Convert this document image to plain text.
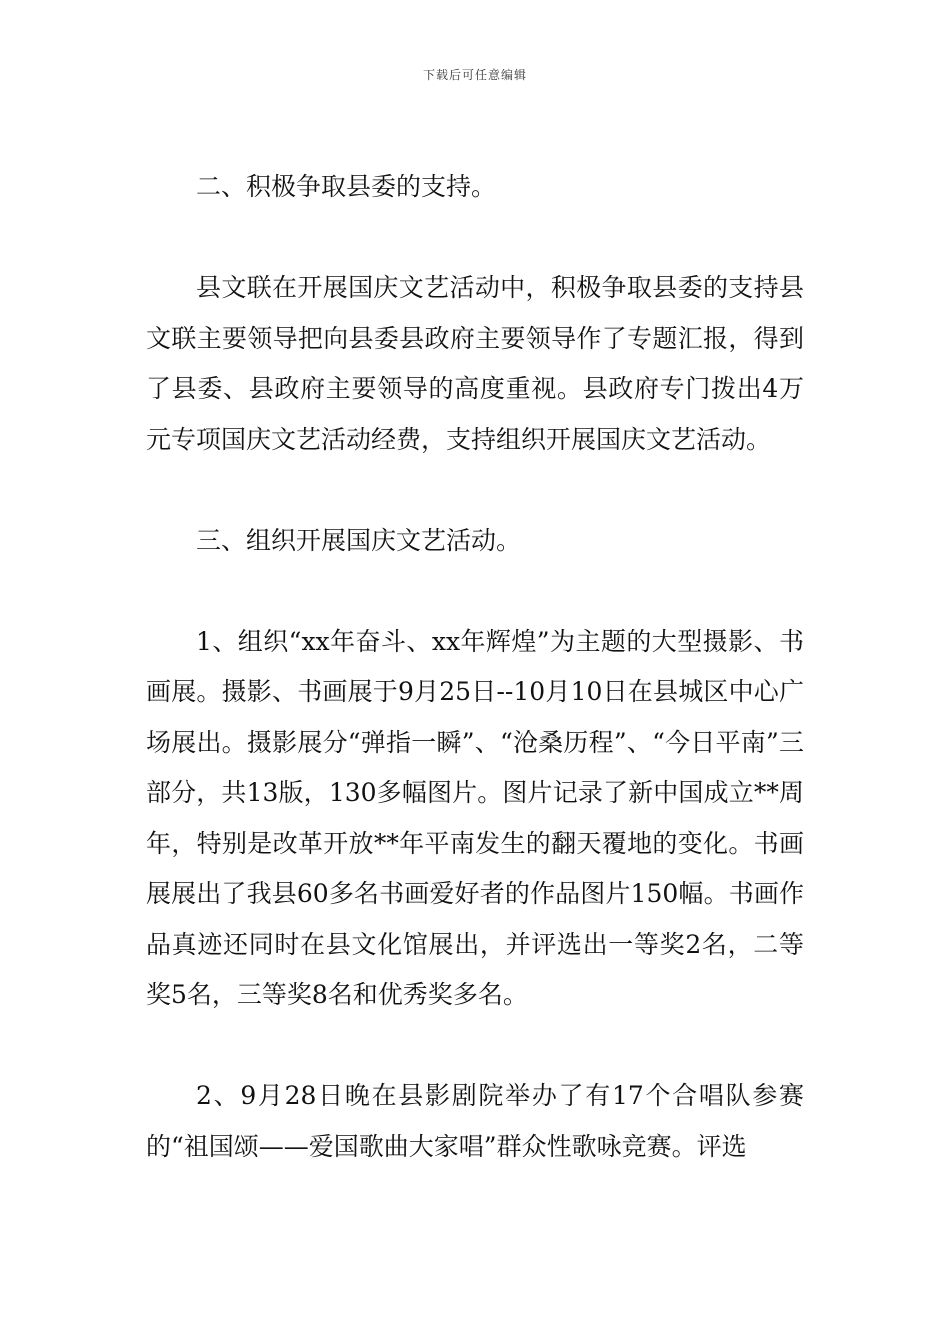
下载后可任意编辑

二、积极争取县委的支持。

县文联在开展国庆文艺活动中，积极争取县委的支持县文联主要领导把向县委县政府主要领导作了专题汇报，得到了县委、县政府主要领导的高度重视。县政府专门拨出4万元专项国庆文艺活动经费，支持组织开展国庆文艺活动。

三、组织开展国庆文艺活动。

1、组织“xx年奋斗、xx年辉煌”为主题的大型摄影、书画展。摄影、书画展于9月25日--10月10日在县城区中心广场展出。摄影展分“弹指一瞬”、“沧桑历程”、“今日平南”三部分，共13版，130多幅图片。图片记录了新中国成立**周年，特别是改革开放**年平南发生的翻天覆地的变化。书画展展出了我县60多名书画爱好者的作品图片150幅。书画作品真迹还同时在县文化馆展出，并评选出一等奖2名，二等奖5名，三等奖8名和优秀奖多名。

2、9月28日晚在县影剧院举办了有17个合唱队参赛的“祖国颂——爱国歌曲大家唱”群众性歌咏竞赛。评选
